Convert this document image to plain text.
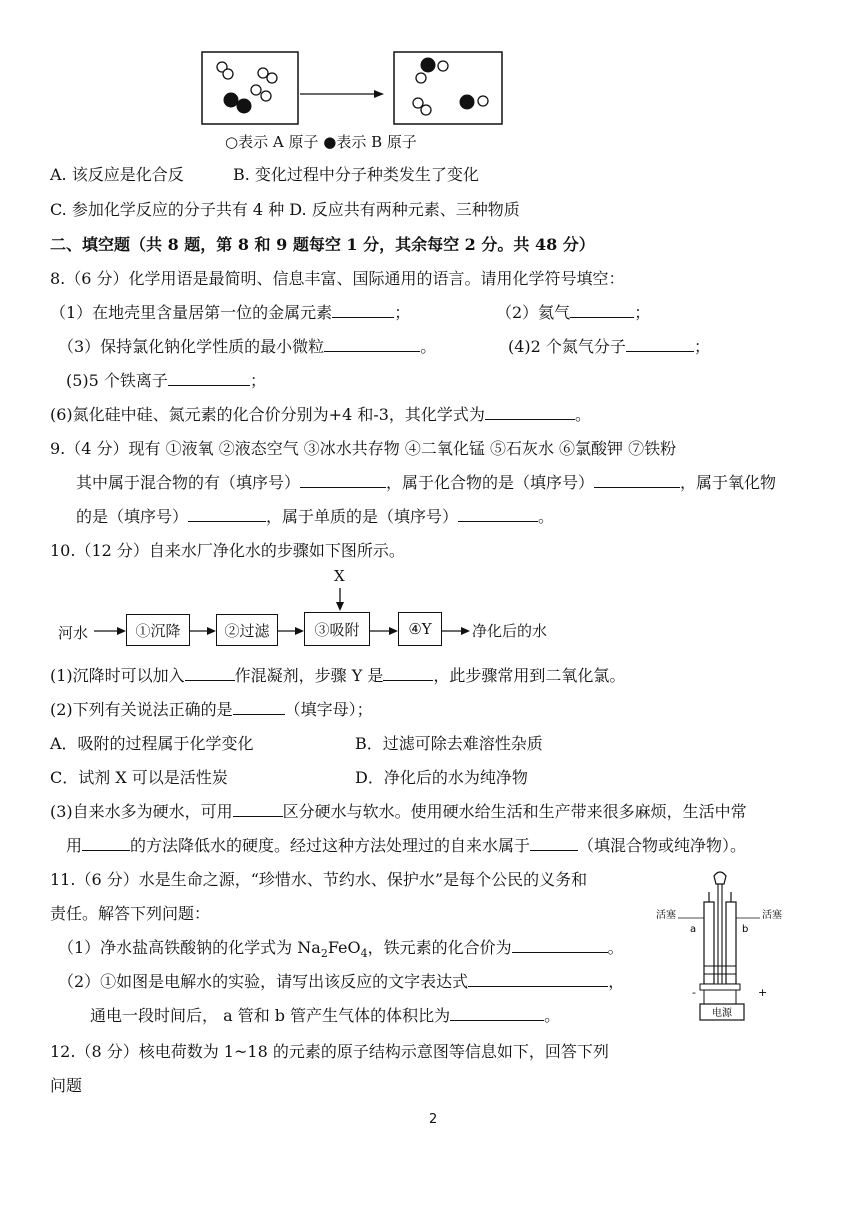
○表示 A 原子 ●表示 B 原子
A. 该反应是化合反	B. 变化过程中分子种类发生了变化
C. 参加化学反应的分子共有 4 种 D. 反应共有两种元素、三种物质
二、填空题（共 8 题，第 8 和 9 题每空 1 分，其余每空 2 分。共 48 分）
8.（6 分）化学用语是最简明、信息丰富、国际通用的语言。请用化学符号填空：
（1）在地壳里含量居第一位的金属元素	；	（2）氦气	；
（3）保持氯化钠化学性质的最小微粒	。	(4)2 个氮气分子	；
(5)5 个铁离子	；
(6)氮化硅中硅、氮元素的化合价分别为+4 和-3，其化学式为	。
9.（4 分）现有 ①液氧 ②液态空气 ③冰水共存物 ④二氧化锰 ⑤石灰水 ⑥氯酸钾 ⑦铁粉
其中属于混合物的有（填序号）	，属于化合物的是（填序号）	，属于氧化物
的是（填序号）	，属于单质的是（填序号）	。
10.（12 分）自来水厂净化水的步骤如下图所示。
X
河水	①沉降	②过滤	③吸附	④Y	净化后的水
(1)沉降时可以加入	作混凝剂，步骤 Y 是	，此步骤常用到二氧化氯。
(2)下列有关说法正确的是	（填字母）；
A．吸附的过程属于化学变化	B．过滤可除去难溶性杂质
C．试剂 X 可以是活性炭	D．净化后的水为纯净物
(3)自来水多为硬水，可用	区分硬水与软水。使用硬水给生活和生产带来很多麻烦，生活中常
用	的方法降低水的硬度。经过这种方法处理过的自来水属于	（填混合物或纯净物）。
11.（6 分）水是生命之源，“珍惜水、节约水、保护水”是每个公民的义务和
责任。解答下列问题：
（1）净水盐高铁酸钠的化学式为 $Na_2FeO_4$，铁元素的化合价为	。
（2）①如图是电解水的实验，请写出该反应的文字表达式	，
通电一段时间后， a 管和 b 管产生气体的体积比为	。
活塞	活塞
a	b
-	+
电源
12.（8 分）核电荷数为 1~18 的元素的原子结构示意图等信息如下，回答下列
问题
2
